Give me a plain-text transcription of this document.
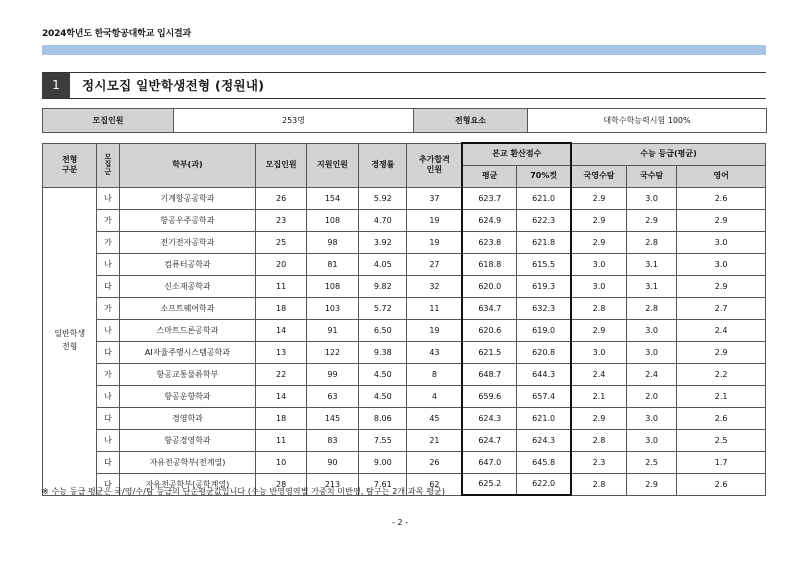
2024학년도 한국항공대학교 입시결과
1	정시모집 일반학생전형 (정원내)
모집인원	253명	전형요소	대학수학능력시험 100%
전형
구분	모
집
군	학부(과)	모집인원	지원인원	경쟁률	추가합격
인원	본교 환산점수		수능 등급(평균)		
							평균	70%컷	국영수탐	국수탐	영어
일반학생
전형	나	기계항공공학과	26	154	5.92	37	623.7	621.0	2.9	3.0	2.6
	가	항공우주공학과	23	108	4.70	19	624.9	622.3	2.9	2.9	2.9
	가	전기전자공학과	25	98	3.92	19	623.8	621.8	2.9	2.8	3.0
	나	컴퓨터공학과	20	81	4.05	27	618.8	615.5	3.0	3.1	3.0
	다	신소재공학과	11	108	9.82	32	620.0	619.3	3.0	3.1	2.9
	가	소프트웨어학과	18	103	5.72	11	634.7	632.3	2.8	2.8	2.7
	나	스마트드론공학과	14	91	6.50	19	620.6	619.0	2.9	3.0	2.4
	다	AI자율주행시스템공학과	13	122	9.38	43	621.5	620.8	3.0	3.0	2.9
	가	항공교통물류학부	22	99	4.50	8	648.7	644.3	2.4	2.4	2.2
	나	항공운항학과	14	63	4.50	4	659.6	657.4	2.1	2.0	2.1
	다	경영학과	18	145	8.06	45	624.3	621.0	2.9	3.0	2.6
	나	항공경영학과	11	83	7.55	21	624.7	624.3	2.8	3.0	2.5
	다	자유전공학부(전계열)	10	90	9.00	26	647.0	645.8	2.3	2.5	1.7
	다	자유전공학부(공학계열)	28	213	7.61	62	625.2	622.0	2.8	2.9	2.6
※ 수능 등급 평균은 국/영/수/탐 등급의 단순평균값입니다 (수능 반영영역별 가중치 미반영, 탐구는 2개 과목 평균)
- 2 -
